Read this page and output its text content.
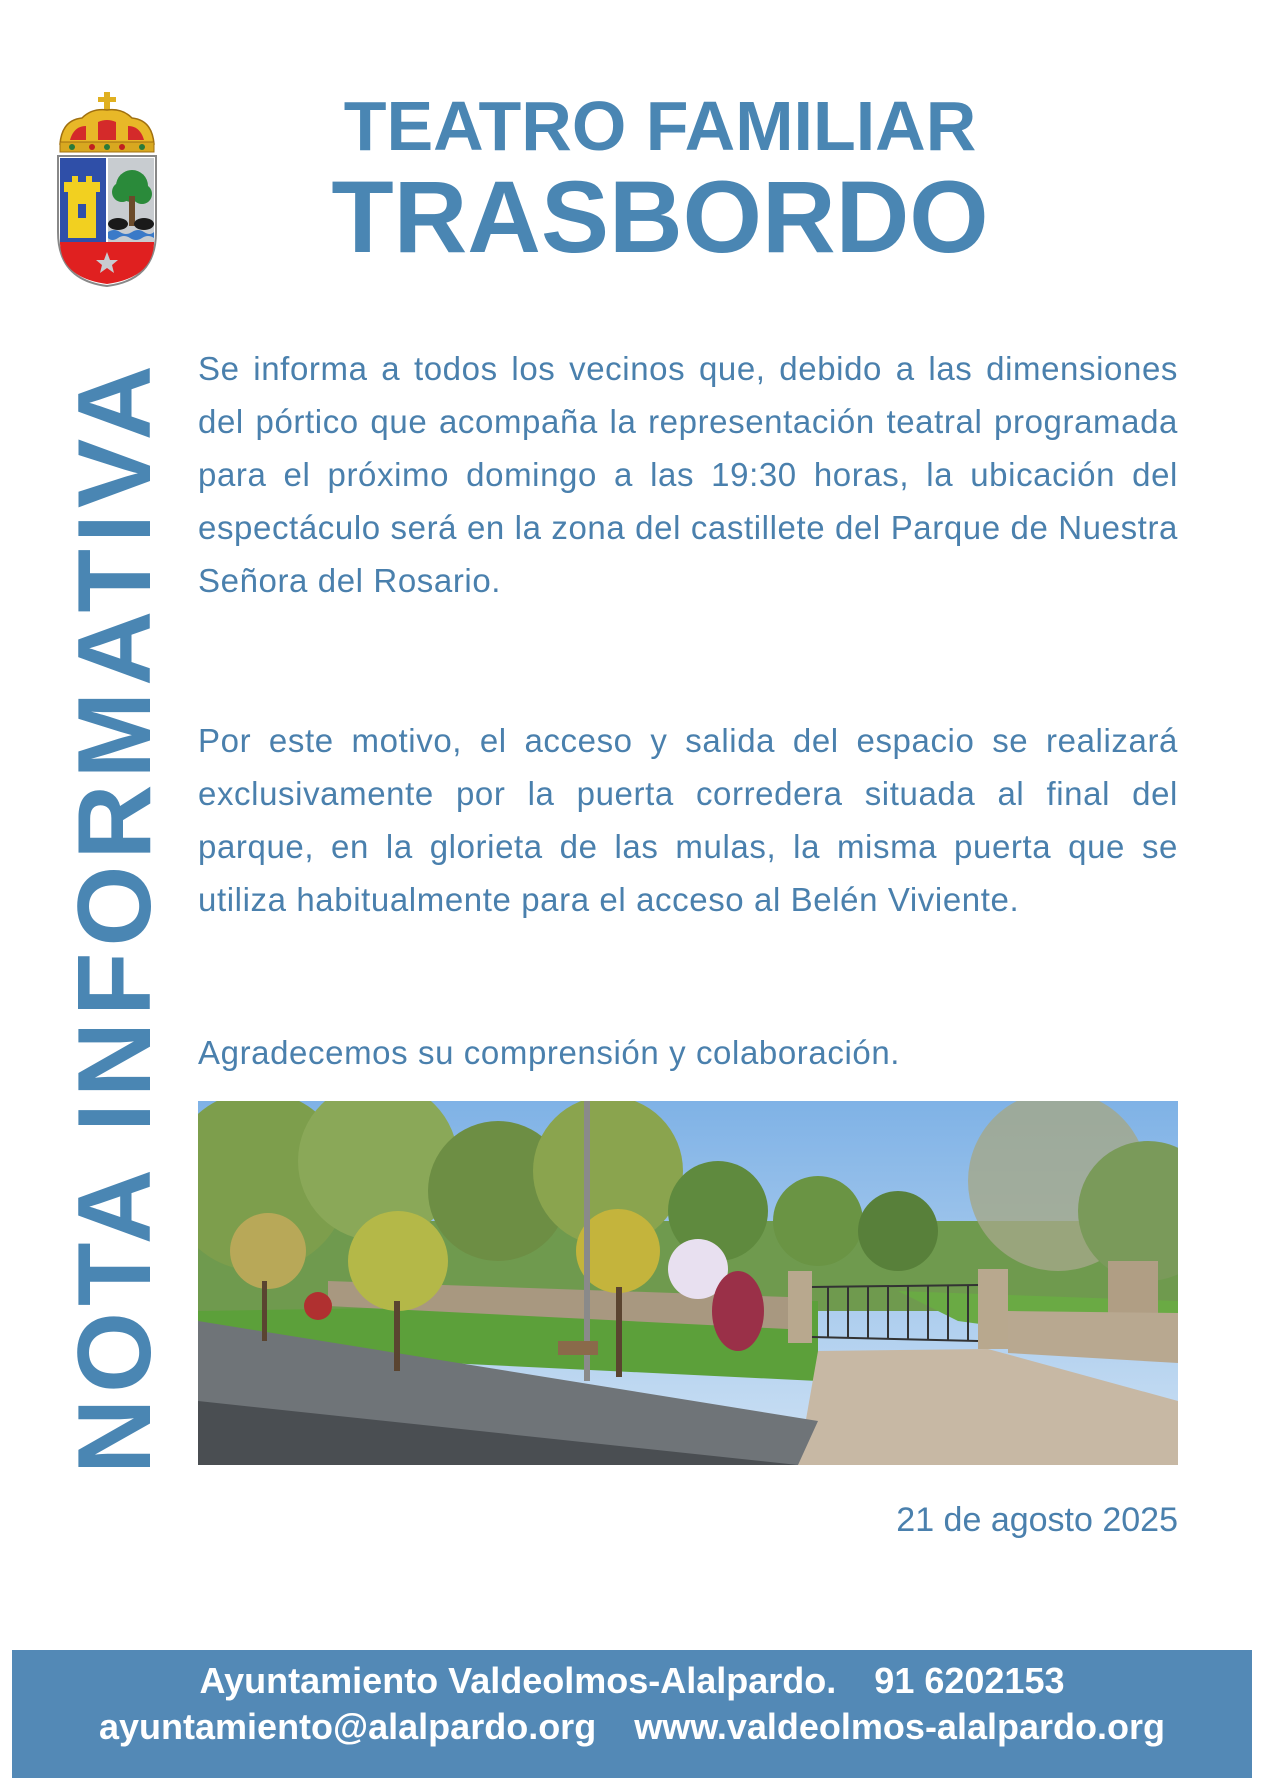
NOTA INFORMATIVA
TEATRO FAMILIAR
TRASBORDO

Se informa a todos los vecinos que, debido a las dimensiones del pórtico que acompaña la representación teatral programada para el próximo domingo a las 19:30 horas, la ubicación del espectáculo será en la zona del castillete del Parque de Nuestra Señora del Rosario.

Por este motivo, el acceso y salida del espacio se realizará exclusivamente por la puerta corredera situada al final del parque, en la glorieta de las mulas, la misma puerta que se utiliza habitualmente para el acceso al Belén Viviente.

Agradecemos su comprensión y colaboración.

21 de agosto 2025

Ayuntamiento Valdeolmos-Alalpardo. 91 6202153
ayuntamiento@alalpardo.org www.valdeolmos-alalpardo.org
